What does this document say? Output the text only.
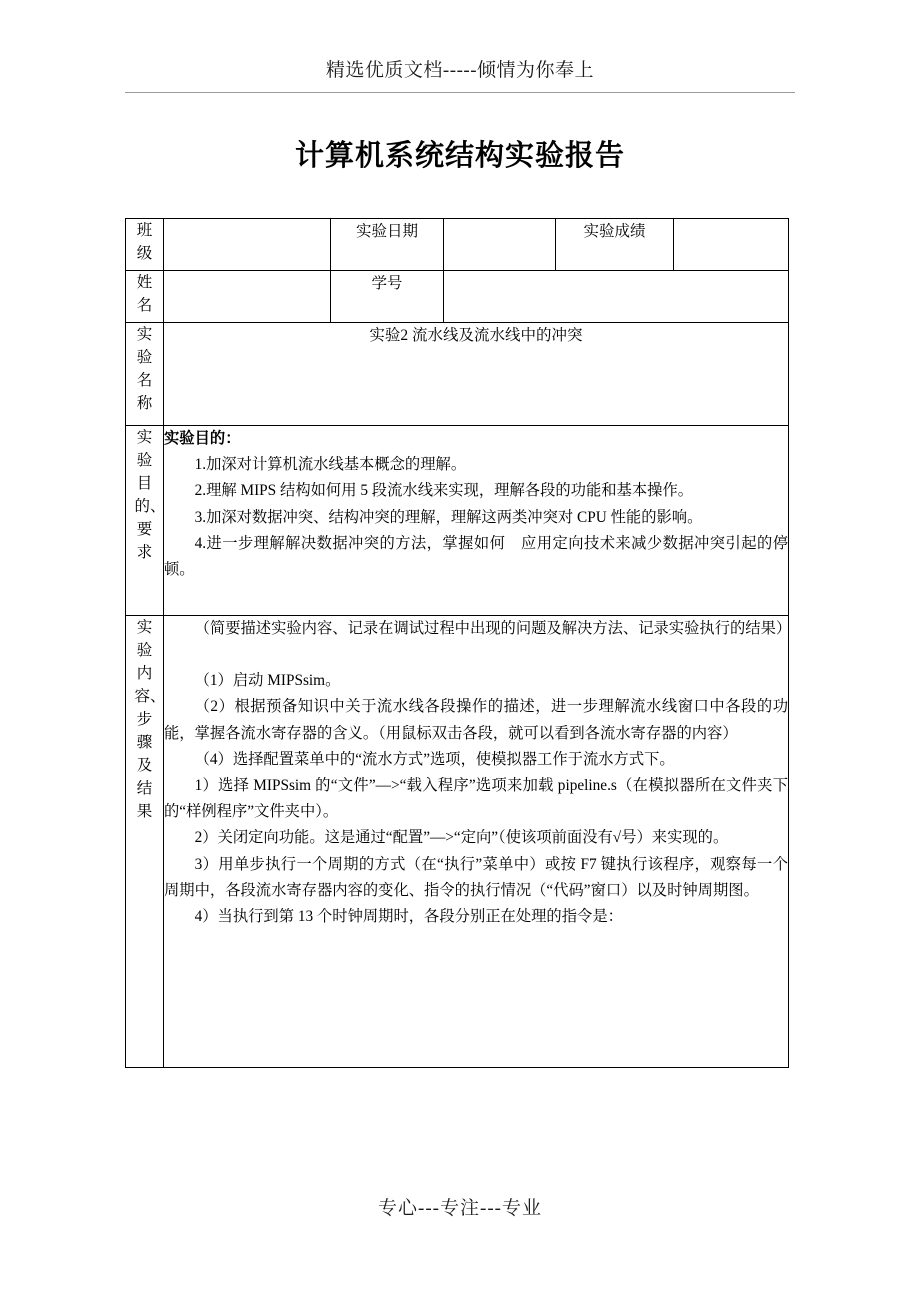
精选优质文档-----倾情为你奉上
计算机系统结构实验报告
班级		实验日期		实验成绩	

姓名		学号			

实验名称	实验2 流水线及流水线中的冲突				

实验目的、要求	实验目的：

1.加深对计算机流水线基本概念的理解。

2.理解 MIPS 结构如何用 5 段流水线来实现，理解各段的功能和基本操作。

3.加深对数据冲突、结构冲突的理解，理解这两类冲突对 CPU 性能的影响。

4.进一步理解解决数据冲突的方法，掌握如何　应用定向技术来减少数据冲突引起的停顿。				

实验内容、步骤及结果

（简要描述实验内容、记录在调试过程中出现的问题及解决方法、记录实验执行的结果）

（1）启动 MIPSsim。

（2）根据预备知识中关于流水线各段操作的描述，进一步理解流水线窗口中各段的功能，掌握各流水寄存器的含义。（用鼠标双击各段，就可以看到各流水寄存器的内容）

（4）选择配置菜单中的“流水方式”选项，使模拟器工作于流水方式下。

1）选择 MIPSsim 的“文件”—>“载入程序”选项来加载 pipeline.s（在模拟器所在文件夹下的“样例程序”文件夹中）。

2）关闭定向功能。这是通过“配置”—>“定向”（使该项前面没有√号）来实现的。

3）用单步执行一个周期的方式（在“执行”菜单中）或按 F7 键执行该程序，观察每一个周期中，各段流水寄存器内容的变化、指令的执行情况（“代码”窗口）以及时钟周期图。

4）当执行到第 13 个时钟周期时，各段分别正在处理的指令是：

专心---专注---专业
